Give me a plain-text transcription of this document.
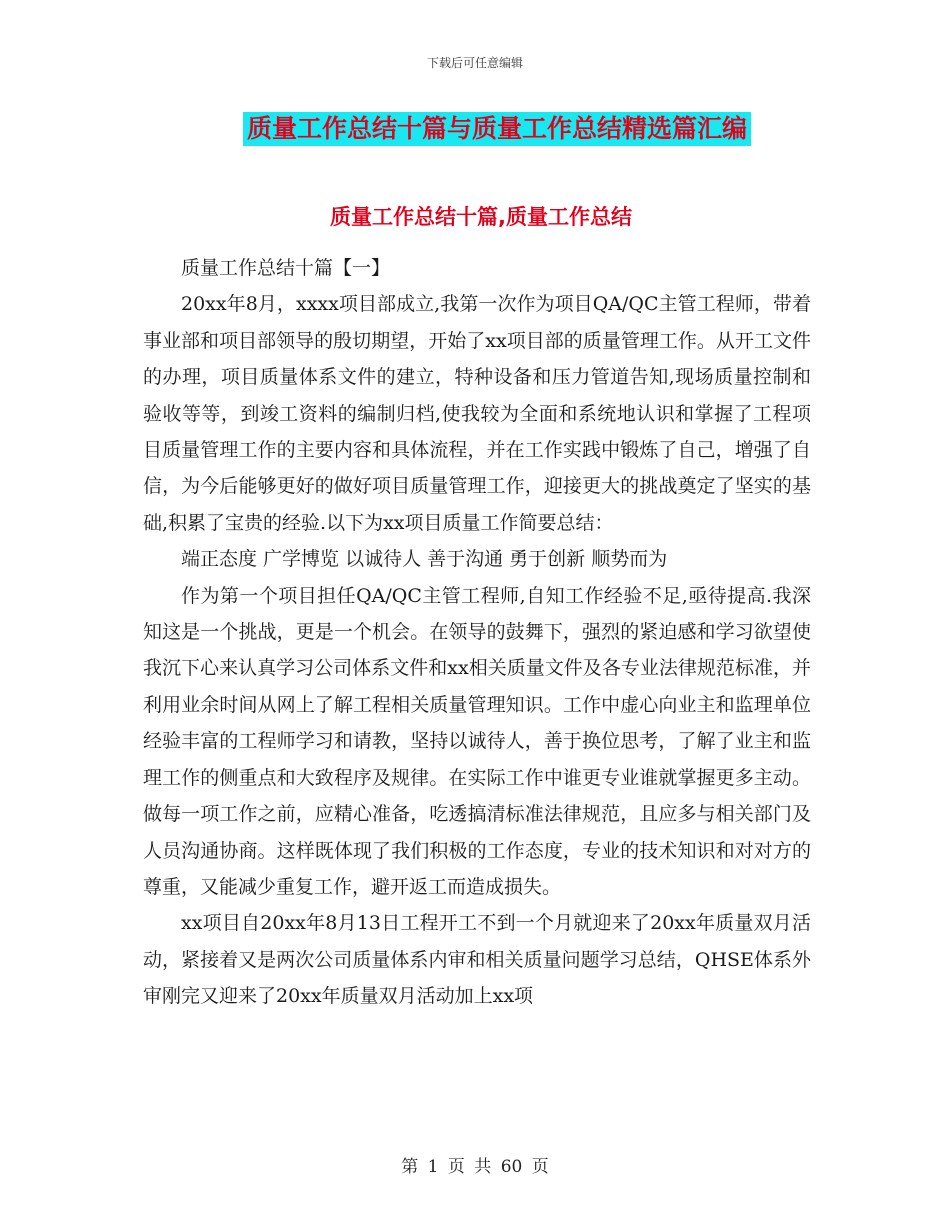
下载后可任意编辑
质量工作总结十篇与质量工作总结精选篇汇编
质量工作总结十篇,质量工作总结

质量工作总结十篇【一】

20xx年8月，xxxx项目部成立,我第一次作为项目QA/QC主管工程师，带着事业部和项目部领导的殷切期望，开始了xx项目部的质量管理工作。从开工文件的办理，项目质量体系文件的建立，特种设备和压力管道告知,现场质量控制和验收等等，到竣工资料的编制归档,使我较为全面和系统地认识和掌握了工程项目质量管理工作的主要内容和具体流程，并在工作实践中锻炼了自己，增强了自信，为今后能够更好的做好项目质量管理工作，迎接更大的挑战奠定了坚实的基础,积累了宝贵的经验.以下为xx项目质量工作简要总结：

端正态度 广学博览 以诚待人 善于沟通 勇于创新 顺势而为

作为第一个项目担任QA/QC主管工程师,自知工作经验不足,亟待提高.我深知这是一个挑战，更是一个机会。在领导的鼓舞下，强烈的紧迫感和学习欲望使我沉下心来认真学习公司体系文件和xx相关质量文件及各专业法律规范标准，并利用业余时间从网上了解工程相关质量管理知识。工作中虚心向业主和监理单位经验丰富的工程师学习和请教，坚持以诚待人，善于换位思考，了解了业主和监理工作的侧重点和大致程序及规律。在实际工作中谁更专业谁就掌握更多主动。做每一项工作之前，应精心准备，吃透搞清标准法律规范，且应多与相关部门及人员沟通协商。这样既体现了我们积极的工作态度，专业的技术知识和对对方的尊重，又能减少重复工作，避开返工而造成损失。

xx项目自20xx年8月13日工程开工不到一个月就迎来了20xx年质量双月活动，紧接着又是两次公司质量体系内审和相关质量问题学习总结，QHSE体系外审刚完又迎来了20xx年质量双月活动加上xx项

第 1 页 共 60 页
